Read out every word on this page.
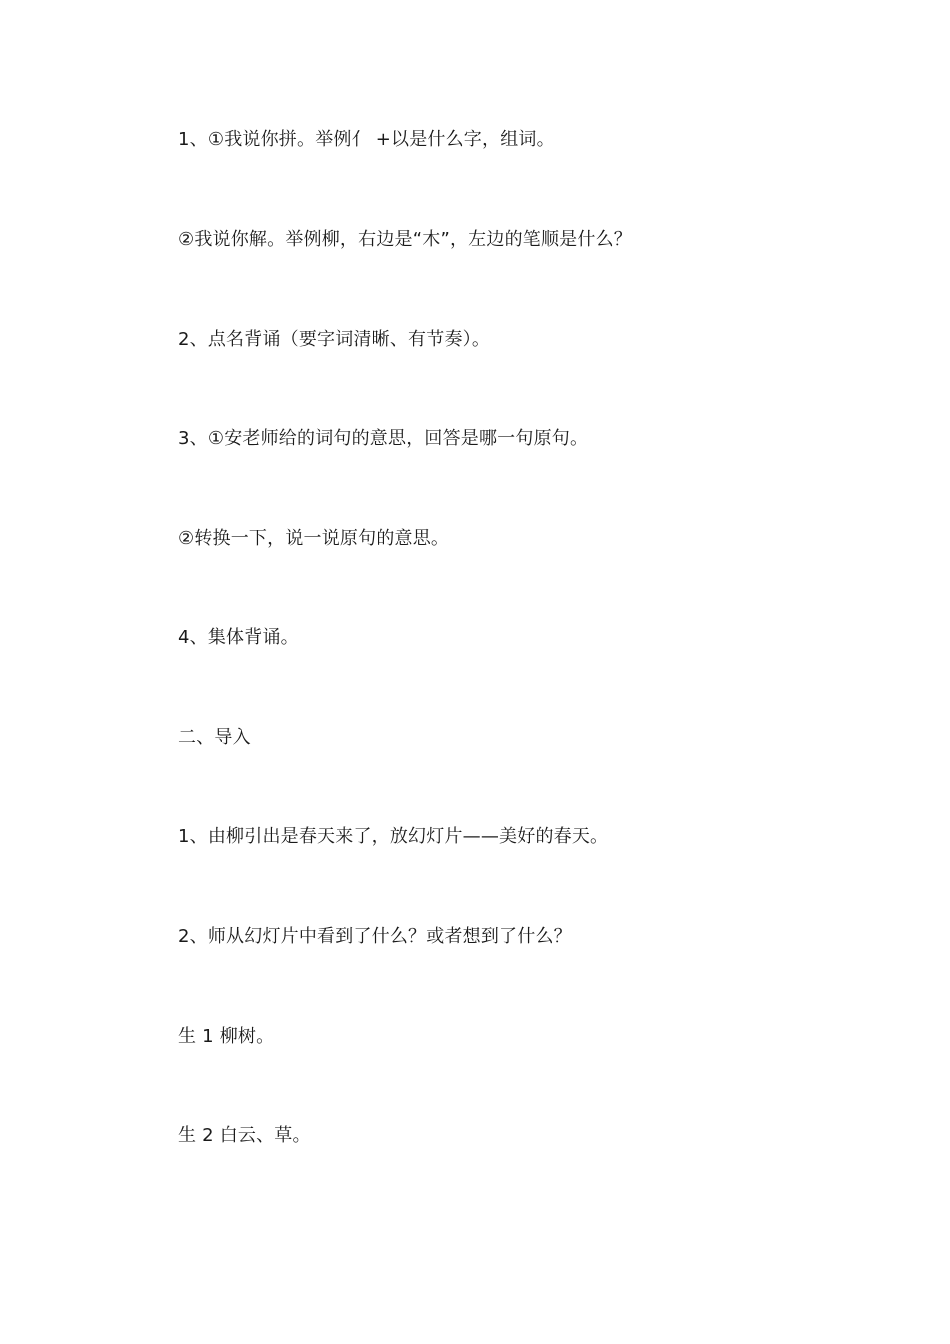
1、①我说你拼。举例亻 +以是什么字，组词。
②我说你解。举例柳，右边是“木”，左边的笔顺是什么？
2、点名背诵（要字词清晰、有节奏）。
3、①安老师给的词句的意思，回答是哪一句原句。
②转换一下，说一说原句的意思。
4、集体背诵。
二、导入
1、由柳引出是春天来了，放幻灯片——美好的春天。
2、师从幻灯片中看到了什么？或者想到了什么？
生 1 柳树。
生 2 白云、草。
